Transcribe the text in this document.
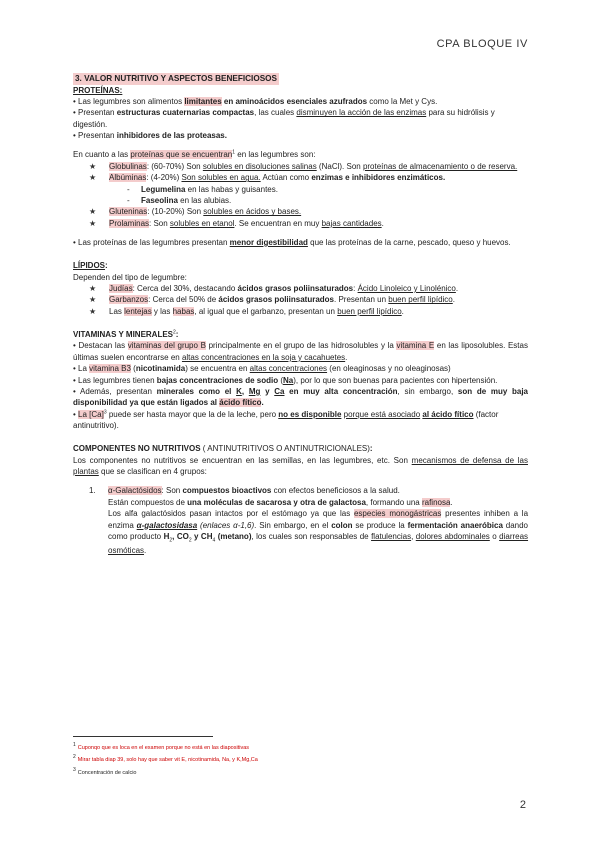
CPA BLOQUE IV
3. VALOR NUTRITIVO Y ASPECTOS BENEFICIOSOS
PROTEÍNAS:

• Las legumbres son alimentos limitantes en aminoácidos esenciales azufrados como la Met y Cys.

• Presentan estructuras cuaternarias compactas, las cuales disminuyen la acción de las enzimas para su hidrólisis y digestión.

• Presentan inhibidores de las proteasas.

En cuanto a las proteínas que se encuentran$^1$ en las legumbres son:

★ Globulinas: (60-70%) Son solubles en disoluciones salinas (NaCl). Son proteínas de almacenamiento o de reserva.
★ Albúminas: (4-20%) Son solubles en agua. Actúan como enzimas e inhibidores enzimáticos.
- Legumelina en las habas y guisantes.
- Faseolina en las alubias.
★ Gluteninas: (10-20%) Son solubles en ácidos y bases.
★ Prolaminas: Son solubles en etanol. Se encuentran en muy bajas cantidades.

• Las proteínas de las legumbres presentan menor digestibilidad que las proteínas de la carne, pescado, queso y huevos.

LÍPIDOS:

Dependen del tipo de legumbre:

★ Judías: Cerca del 30%, destacando ácidos grasos poliinsaturados: Ácido Linoleico y Linolénico.
★ Garbanzos: Cerca del 50% de ácidos grasos poliinsaturados. Presentan un buen perfil lipídico.
★ Las lentejas y las habas, al igual que el garbanzo, presentan un buen perfil lipídico.
VITAMINAS Y MINERALES$^2$:

• Destacan las vitaminas del grupo B principalmente en el grupo de las hidrosolubles y la vitamina E en las liposolubles. Estas últimas suelen encontrarse en altas concentraciones en la soja y cacahuetes.

• La vitamina B3 (nicotinamida) se encuentra en altas concentraciones (en oleaginosas y no oleaginosas)

• Las legumbres tienen bajas concentraciones de sodio (Na), por lo que son buenas para pacientes con hipertensión.

• Además, presentan minerales como el K, Mg y Ca en muy alta concentración, sin embargo, son de muy baja disponibilidad ya que están ligados al ácido fítico.

• La $[Ca]^3$ puede ser hasta mayor que la de la leche, pero no es disponible porque está asociado al ácido fítico (factor antinutritivo).

COMPONENTES NO NUTRITIVOS ( ANTINUTRITIVOS O ANTINUTRICIONALES):

Los componentes no nutritivos se encuentran en las semillas, en las legumbres, etc. Son mecanismos de defensa de las plantas que se clasifican en 4 grupos:

1. α-Galactósidos: Son compuestos bioactivos con efectos beneficiosos a la salud.

Están compuestos de una moléculas de sacarosa y otra de galactosa, formando una rafinosa.

Los alfa galactósidos pasan intactos por el estómago ya que las especies monogástricas presentes inhiben a la enzima α-galactosidasa (enlaces α-1,6). Sin embargo, en el colon se produce la fermentación anaeróbica dando como producto $H_2$, $CO_2$ y $CH_4$ (metano), los cuales son responsables de flatulencias, dolores abdominales o diarreas osmóticas.

$^1$ Cuponqo que es loca en el examen porque no está en las diapositivas
$^2$ Mirar tabla diap 39, solo hay que saber vit E, nicotinamida, Na, y K,Mg,Ca
$^3$ Concentración de calcio
2
